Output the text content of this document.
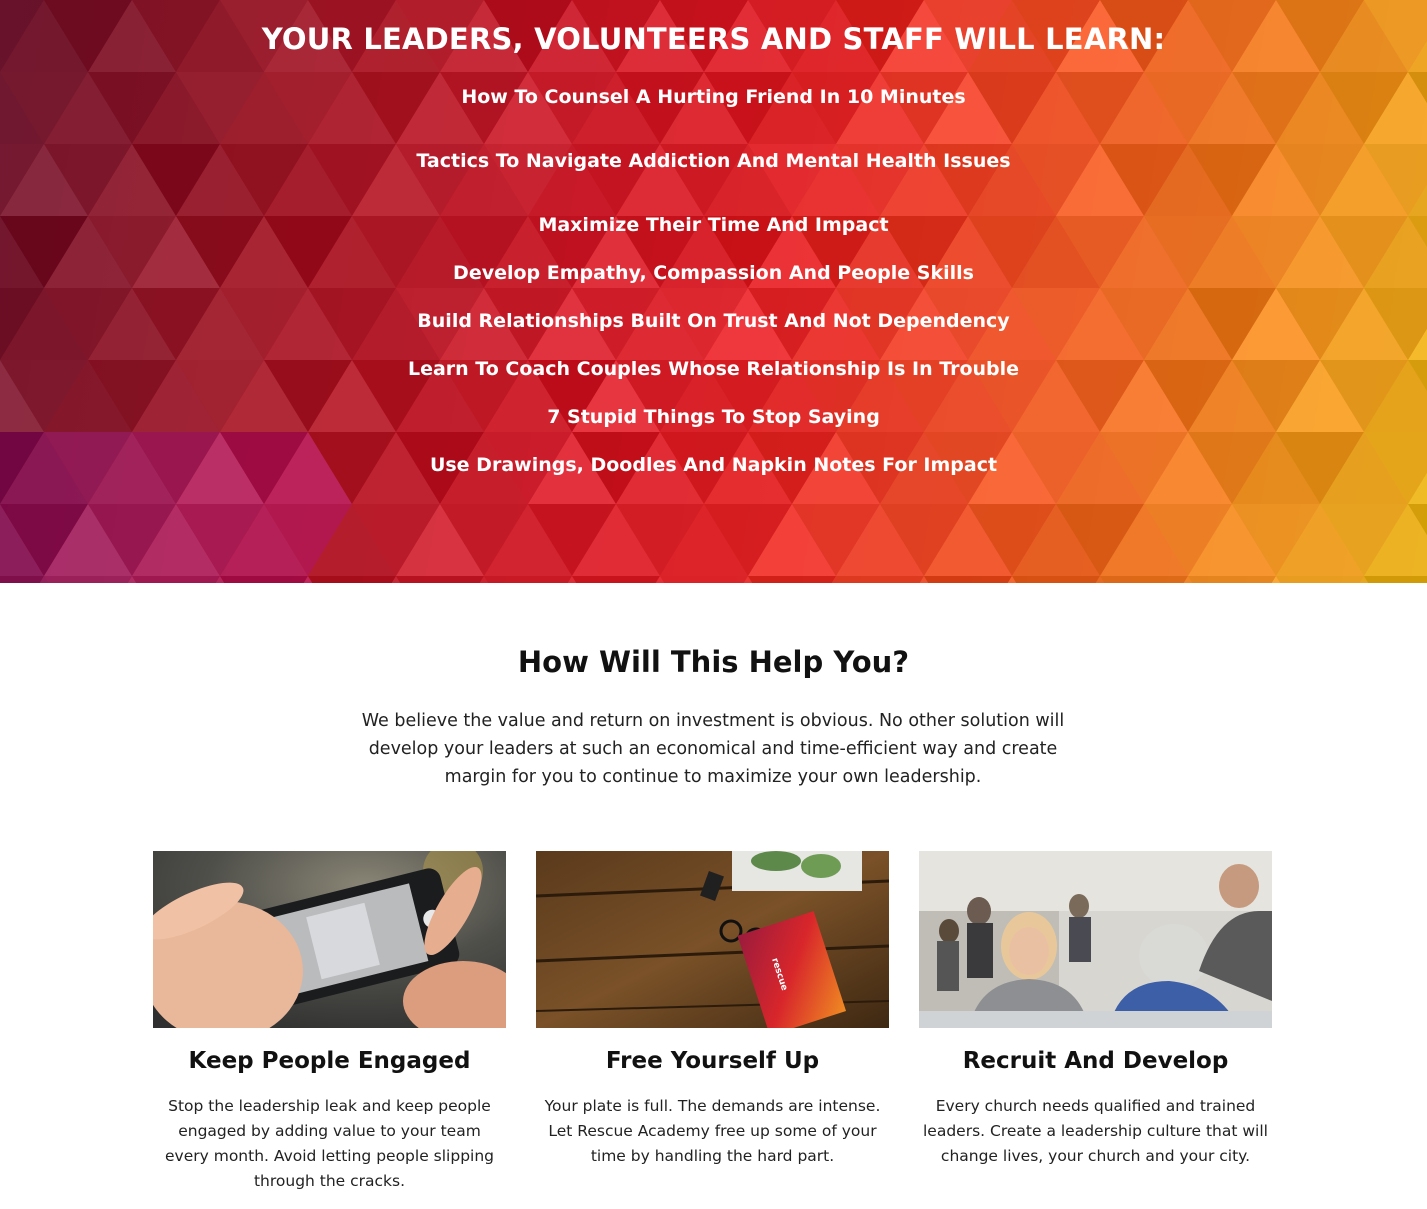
YOUR LEADERS, VOLUNTEERS AND STAFF WILL LEARN:
How To Counsel A Hurting Friend In 10 Minutes
Tactics To Navigate Addiction And Mental Health Issues
Maximize Their Time And Impact
Develop Empathy, Compassion And People Skills
Build Relationships Built On Trust And Not Dependency
Learn To Coach Couples Whose Relationship Is In Trouble
7 Stupid Things To Stop Saying
Use Drawings, Doodles And Napkin Notes For Impact
How Will This Help You?

We believe the value and return on investment is obvious. No other solution will develop your leaders at such an economical and time-efficient way and create margin for you to continue to maximize your own leadership.

Keep People Engaged

Stop the leadership leak and keep people engaged by adding value to your team every month. Avoid letting people slipping through the cracks.

rescue
Free Yourself Up

Your plate is full. The demands are intense. Let Rescue Academy free up some of your time by handling the hard part.

Recruit And Develop

Every church needs qualified and trained leaders. Create a leadership culture that will change lives, your church and your city.
